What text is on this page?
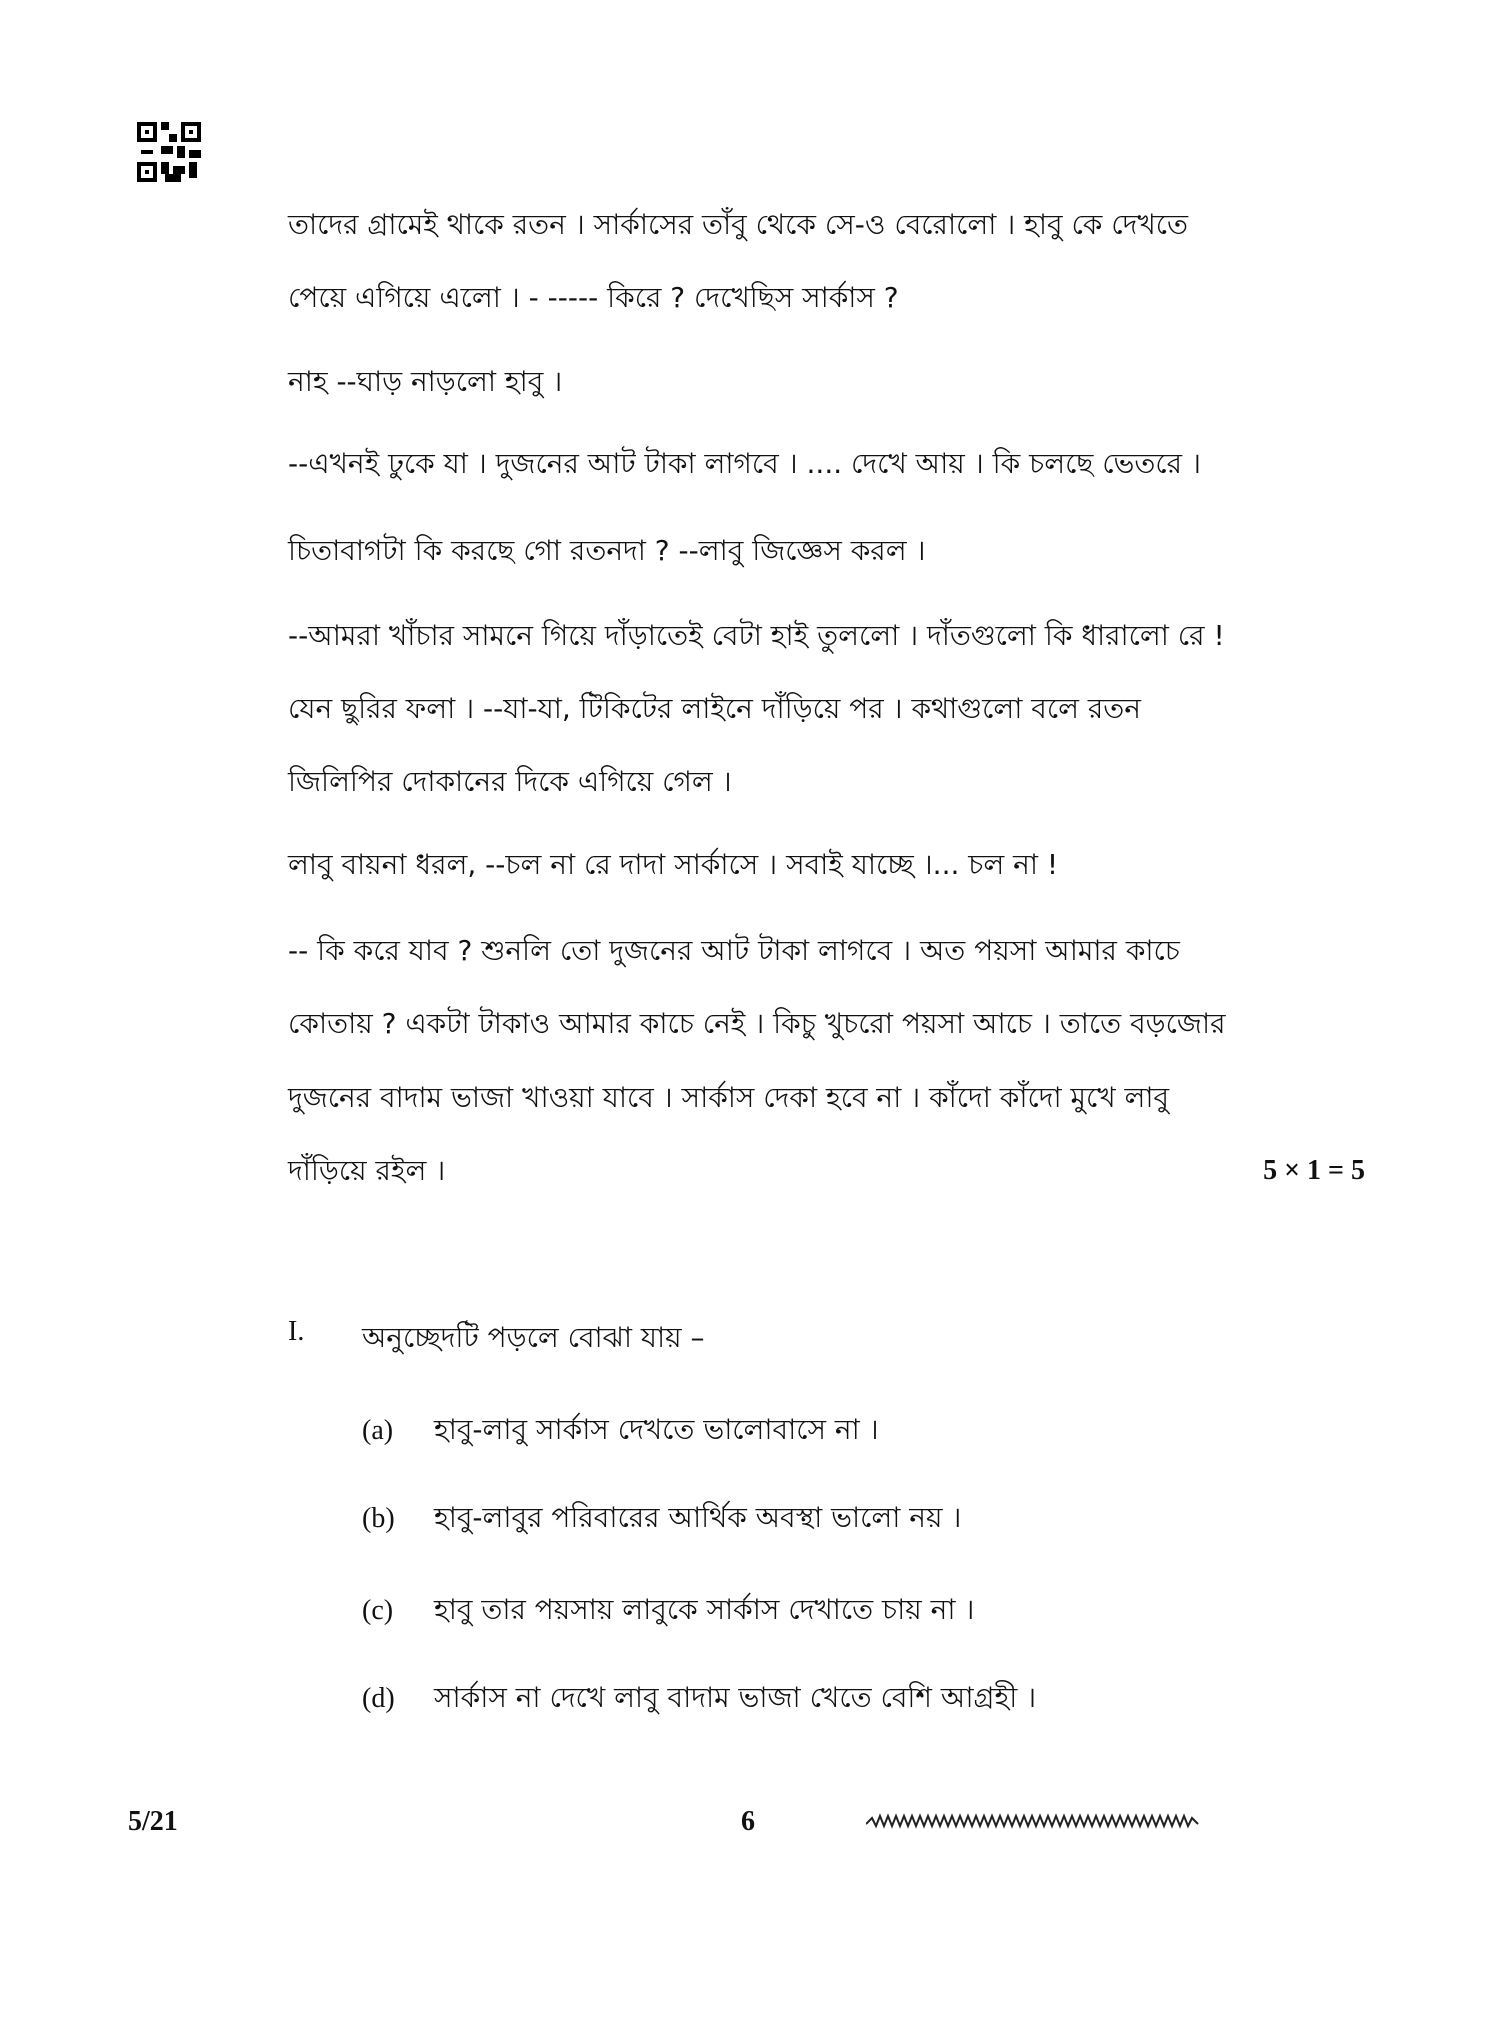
তাদের গ্রামেই থাকে রতন । সার্কাসের তাঁবু থেকে সে-ও বেরোলো । হাবু কে দেখতে
পেয়ে এগিয়ে এলো । - ----- কিরে ? দেখেছিস সার্কাস ?
নাহ --ঘাড় নাড়লো হাবু ।
--এখনই ঢুকে যা । দুজনের আট টাকা লাগবে । .... দেখে আয় । কি চলছে ভেতরে ।
চিতাবাগটা কি করছে গো রতনদা ? --লাবু জিজ্ঞেস করল ।
--আমরা খাঁচার সামনে গিয়ে দাঁড়াতেই বেটা হাই তুললো । দাঁতগুলো কি ধারালো রে !
যেন ছুরির ফলা । --যা-যা, টিকিটের লাইনে দাঁড়িয়ে পর । কথাগুলো বলে রতন
জিলিপির দোকানের দিকে এগিয়ে গেল ।
লাবু বায়না ধরল, --চল না রে দাদা সার্কাসে । সবাই যাচ্ছে ।... চল না !
-- কি করে যাব ? শুনলি তো দুজনের আট টাকা লাগবে । অত পয়সা আমার কাচে
কোতায় ? একটা টাকাও আমার কাচে নেই । কিচু খুচরো পয়সা আচে । তাতে বড়জোর
দুজনের বাদাম ভাজা খাওয়া যাবে । সার্কাস দেকা হবে না । কাঁদো কাঁদো মুখে লাবু
দাঁড়িয়ে রইল ।	5 × 1 = 5
I. অনুচ্ছেদটি পড়লে বোঝা যায় –
(a) হাবু-লাবু সার্কাস দেখতে ভালোবাসে না ।
(b) হাবু-লাবুর পরিবারের আর্থিক অবস্থা ভালো নয় ।
(c) হাবু তার পয়সায় লাবুকে সার্কাস দেখাতে চায় না ।
(d) সার্কাস না দেখে লাবু বাদাম ভাজা খেতে বেশি আগ্রহী ।
5/21	6
